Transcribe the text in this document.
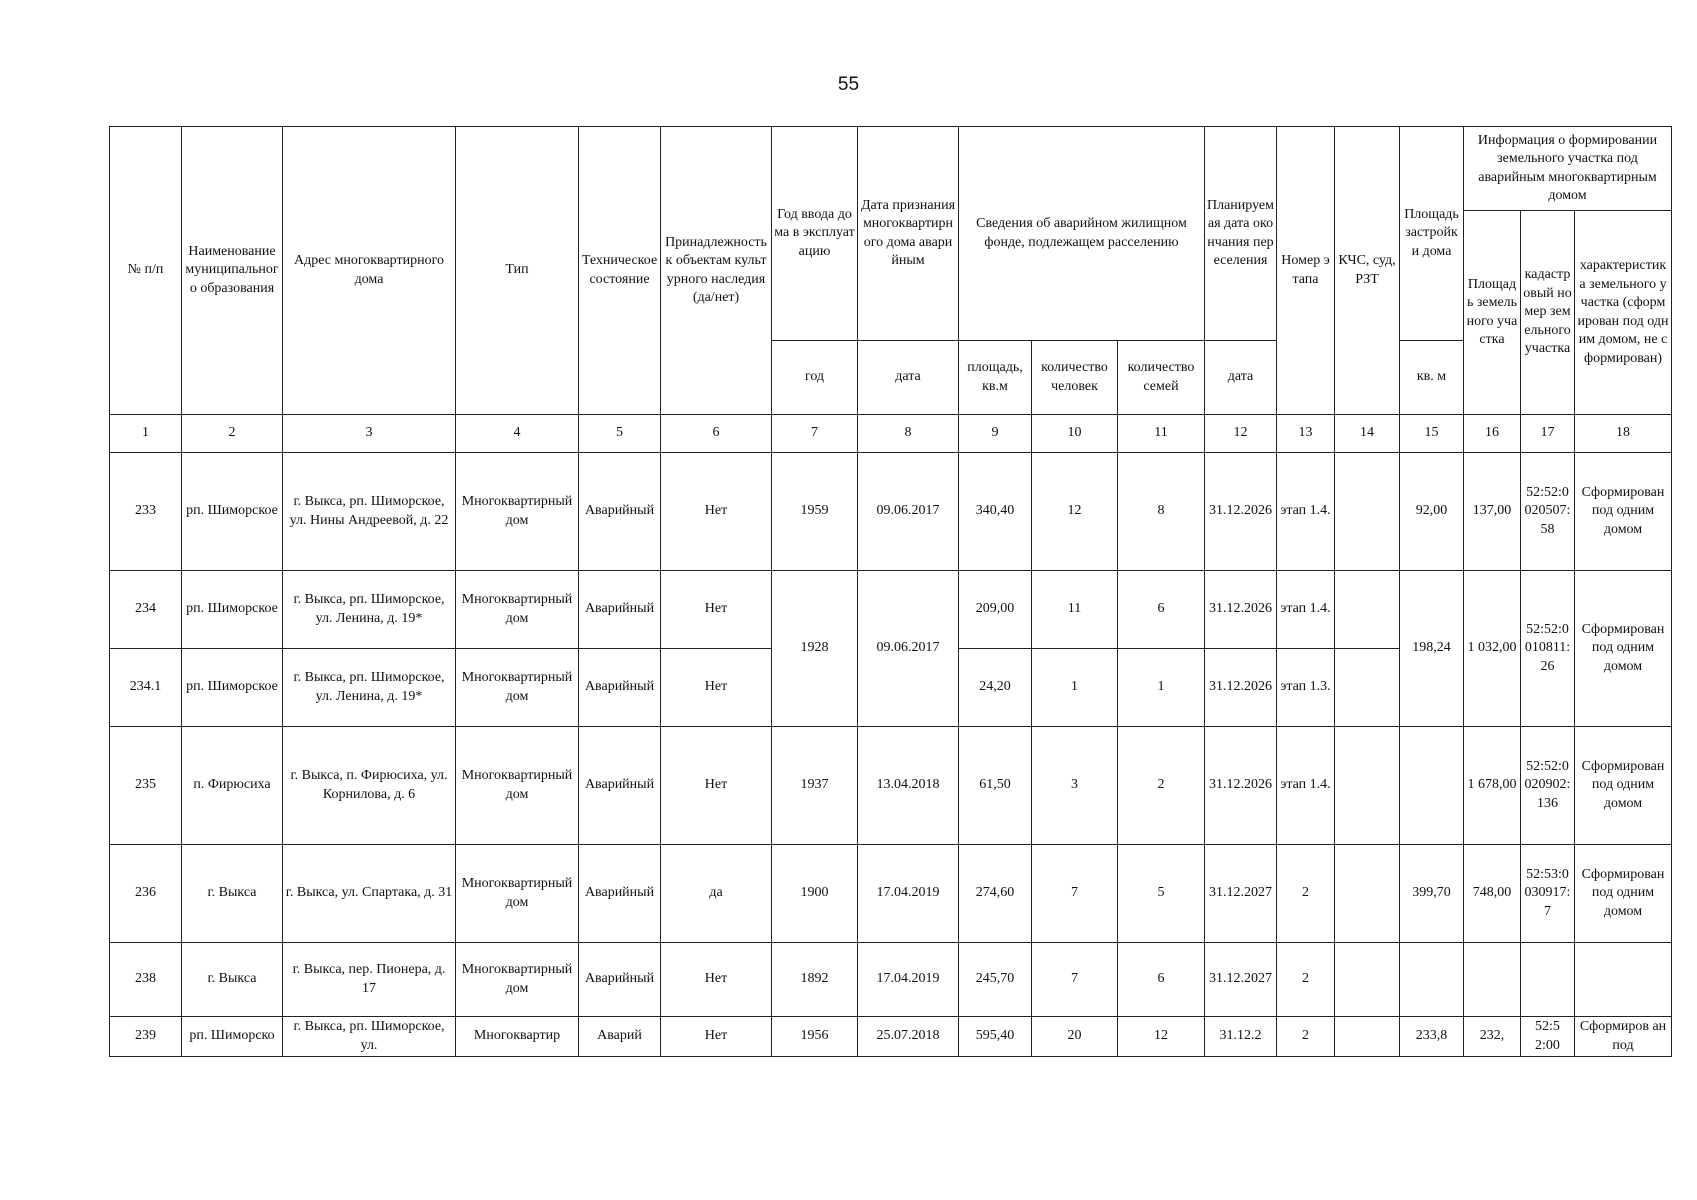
55
№ п/п	Наименование муниципального образования	Адрес многоквартирного дома	Тип	Техническое состояние	Принадлежность к объектам культурного наследия (да/нет)	Год ввода дома в эксплуатацию	Дата признания многоквартирного дома аварийным	Сведения об аварийном жилищном фонде, подлежащем расселению			Планируемая дата окончания переселения	Номер этапа	КЧС, суд, РЗТ	Площадь застройки дома	Информация о формировании земельного участка под аварийным многоквартирным домом		
															Площадь земельного участка	кадастровый номер земельного участка	характеристика земельного участка (сформирован под одним домом, не сформирован)
						год	дата	площадь, кв.м	количество человек	количество семей	дата			кв. м			
1	2	3	4	5	6	7	8	9	10	11	12	13	14	15	16	17	18
233	рп. Шиморское	г. Выкса, рп. Шиморское, ул. Нины Андреевой, д. 22	Многоквартирный дом	Аварийный	Нет	1959	09.06.2017	340,40	12	8	31.12.2026	этап 1.4.		92,00	137,00	52:52:0020507:58	Сформирован под одним домом
234	рп. Шиморское	г. Выкса, рп. Шиморское, ул. Ленина, д. 19*	Многоквартирный дом	Аварийный	Нет	1928	09.06.2017	209,00	11	6	31.12.2026	этап 1.4.		198,24	1 032,00	52:52:0010811:26	Сформирован под одним домом
234.1	рп. Шиморское	г. Выкса, рп. Шиморское, ул. Ленина, д. 19*	Многоквартирный дом	Аварийный	Нет			24,20	1	1	31.12.2026	этап 1.3.					
235	п. Фирюсиха	г. Выкса, п. Фирюсиха, ул. Корнилова, д. 6	Многоквартирный дом	Аварийный	Нет	1937	13.04.2018	61,50	3	2	31.12.2026	этап 1.4.			1 678,00	52:52:0020902:136	Сформирован под одним домом
236	г. Выкса	г. Выкса, ул. Спартака, д. 31	Многоквартирный дом	Аварийный	да	1900	17.04.2019	274,60	7	5	31.12.2027	2		399,70	748,00	52:53:0030917:7	Сформирован под одним домом
238	г. Выкса	г. Выкса, пер. Пионера, д. 17	Многоквартирный дом	Аварийный	Нет	1892	17.04.2019	245,70	7	6	31.12.2027	2					
239	рп. Шиморско	г. Выкса, рп. Шиморское, ул.	Многоквартир	Аварий	Нет	1956	25.07.2018	595,40	20	12	31.12.2	2		233,8	232,	52:5 2:00	Сформиров ан под
